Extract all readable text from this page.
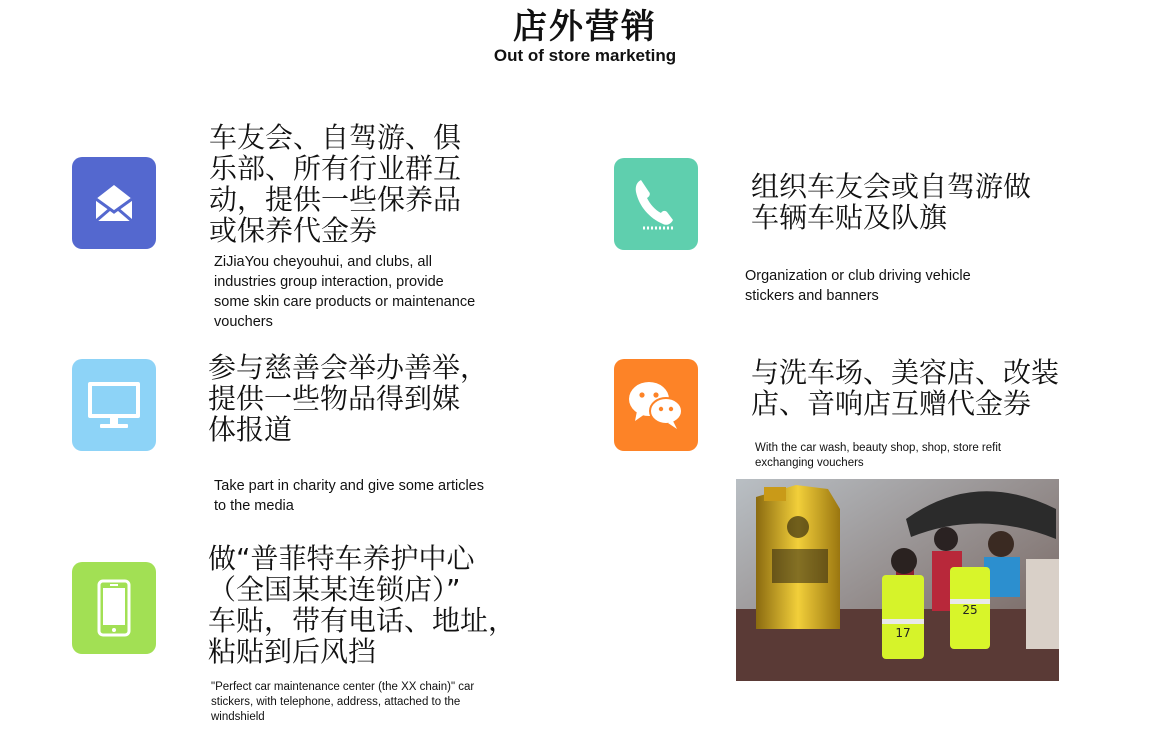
店外营销
Out of store marketing

车友会、自驾游、俱
乐部、所有行业群互
动，提供一些保养品
或保养代金券

ZiJiaYou cheyouhui, and clubs, all
industries group interaction, provide
some skin care products or maintenance
vouchers

组织车友会或自驾游做
车辆车贴及队旗

Organization or club driving vehicle
stickers and banners

参与慈善会举办善举，
提供一些物品得到媒
体报道

Take part in charity and give some articles
to the media

与洗车场、美容店、改装
店、音响店互赠代金券

With the car wash, beauty shop, shop, store refit
exchanging vouchers

做“普菲特车养护中心
（全国某某连锁店）”
车贴，带有电话、地址，
粘贴到后风挡

"Perfect car maintenance center (the XX chain)" car
stickers, with telephone, address, attached to the
windshield

25
17
